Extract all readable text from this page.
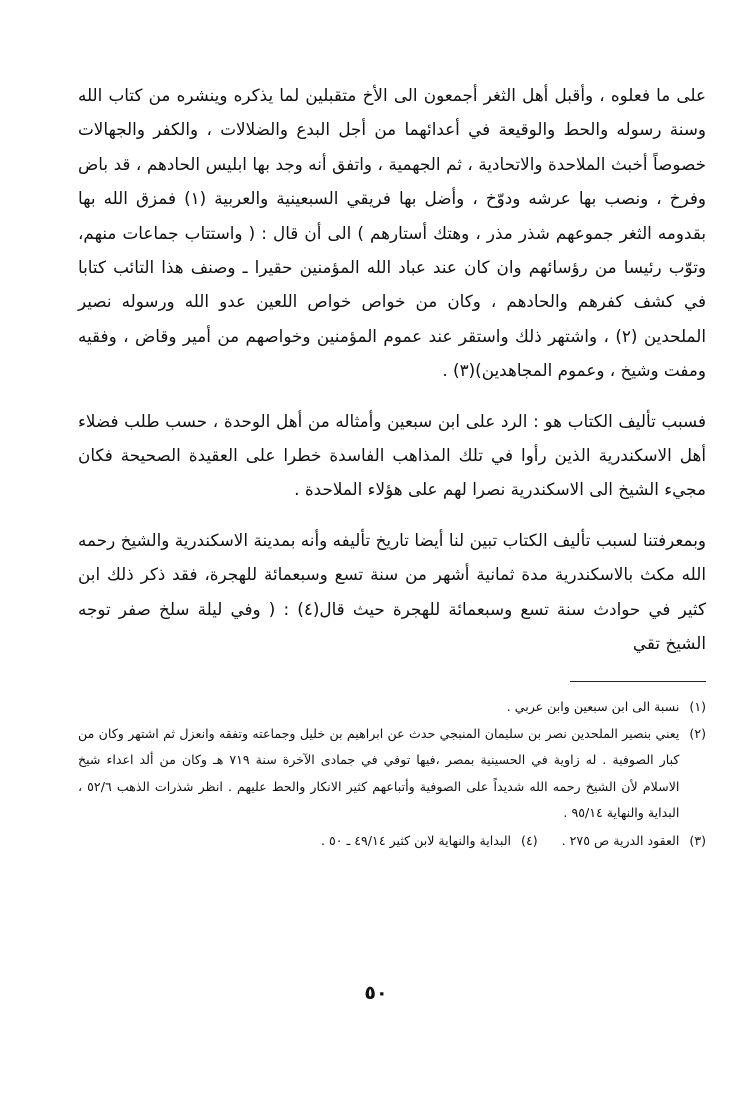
على ما فعلوه ، وأقبل أهل الثغر أجمعون الى الأخ متقبلين لما يذكره وينشره من كتاب الله وسنة رسوله والحط والوقيعة في أعدائهما من أجل البدع والضلالات ، والكفر والجهالات خصوصاً أخبث الملاحدة والاتحادية ، ثم الجهمية ، واتفق أنه وجد بها ابليس الحادهم ، قد باض وفرخ ، ونصب بها عرشه ودوّخ ، وأضل بها فريقي السبعينية والعربية (١) فمزق الله بها بقدومه الثغر جموعهم شذر مذر ، وهتك أستارهم ) الى أن قال : ( واستتاب جماعات منهم، وتوّب رئيسا من رؤسائهم وان كان عند عباد الله المؤمنين حقيرا ـ وصنف هذا التائب كتابا في كشف كفرهم والحادهم ، وكان من خواص خواص اللعين عدو الله ورسوله نصير الملحدين (٢) ، واشتهر ذلك واستقر عند عموم المؤمنين وخواصهم من أمير وقاض ، وفقيه ومفت وشيخ ، وعموم المجاهدين)(٣) .

فسبب تأليف الكتاب هو : الرد على ابن سبعين وأمثاله من أهل الوحدة ، حسب طلب فضلاء أهل الاسكندرية الذين رأوا في تلك المذاهب الفاسدة خطرا على العقيدة الصحيحة فكان مجيء الشيخ الى الاسكندرية نصرا لهم على هؤلاء الملاحدة .

وبمعرفتنا لسبب تأليف الكتاب تبين لنا أيضا تاريخ تأليفه وأنه بمدينة الاسكندرية والشيخ رحمه الله مكث بالاسكندرية مدة ثمانية أشهر من سنة تسع وسبعمائة للهجرة، فقد ذكر ذلك ابن كثير في حوادث سنة تسع وسبعمائة للهجرة حيث قال(٤) : ( وفي ليلة سلخ صفر توجه الشيخ تقي

(١)
نسبة الى ابن سبعين وابن عربي .
(٢)
يعني بنصير الملحدين نصر بن سليمان المنبجي حدث عن ابراهيم بن خليل وجماعته وتفقه وانعزل ثم اشتهر وكان من كبار الصوفية . له زاوية في الحسينية بمصر ،فيها توفي في جمادى الآخرة سنة ٧١٩ هـ وكان من ألد اعداء شيخ الاسلام لأن الشيخ رحمه الله شديداً على الصوفية وأتباعهم كثير الانكار والحط عليهم . انظر شذرات الذهب ٥٢/٦ ، البداية والنهاية ٩٥/١٤ .
(٣)
العقود الدرية ص ٢٧٥ .
(٤)
البداية والنهاية لابن كثير ٤٩/١٤ ـ ٥٠ .
٥٠
